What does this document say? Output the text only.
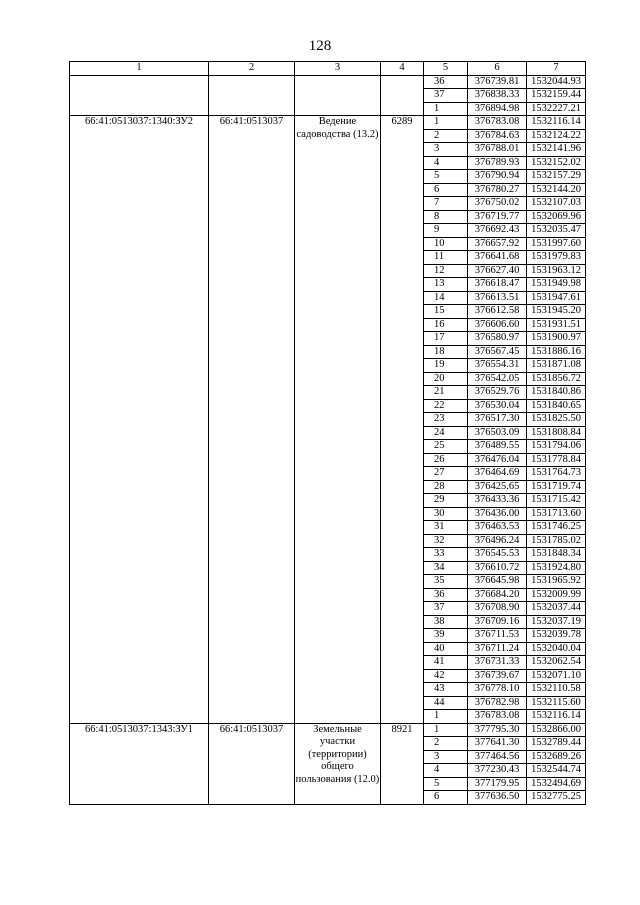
128
1	2	3	4	5	6	7
				36	376739.81	1532044.93
				37	376838.33	1532159.44
				1	376894.98	1532227.21
66:41:0513037:1340:ЗУ2	66:41:0513037	Ведение садоводства (13.2)	6289	1	376783.08	1532116.14
				2	376784.63	1532124.22
				3	376788.01	1532141.96
				4	376789.93	1532152.02
				5	376790.94	1532157.29
				6	376780.27	1532144.20
				7	376750.02	1532107.03
				8	376719.77	1532069.96
				9	376692.43	1532035.47
				10	376657.92	1531997.60
				11	376641.68	1531979.83
				12	376627.40	1531963.12
				13	376618.47	1531949.98
				14	376613.51	1531947.61
				15	376612.58	1531945.20
				16	376606.60	1531931.51
				17	376580.97	1531900.97
				18	376567.45	1531886.16
				19	376554.31	1531871.08
				20	376542.05	1531856.72
				21	376529.76	1531840.86
				22	376530.04	1531840.65
				23	376517.30	1531825.50
				24	376503.09	1531808.84
				25	376489.55	1531794.06
				26	376476.04	1531778.84
				27	376464.69	1531764.73
				28	376425.65	1531719.74
				29	376433.36	1531715.42
				30	376436.00	1531713.60
				31	376463.53	1531746.25
				32	376496.24	1531785.02
				33	376545.53	1531848.34
				34	376610.72	1531924.80
				35	376645.98	1531965.92
				36	376684.20	1532009.99
				37	376708.90	1532037.44
				38	376709.16	1532037.19
				39	376711.53	1532039.78
				40	376711.24	1532040.04
				41	376731.33	1532062.54
				42	376739.67	1532071.10
				43	376778.10	1532110.58
				44	376782.98	1532115.60
				1	376783.08	1532116.14
66:41:0513037:1343:ЗУ1	66:41:0513037	Земельные участки (территории) общего пользования (12.0)	8921	1	377795.30	1532866.00
				2	377641.30	1532789.44
				3	377464.56	1532689.26
				4	377230.43	1532544.74
				5	377179.95	1532494.69
				6	377636.50	1532775.25
